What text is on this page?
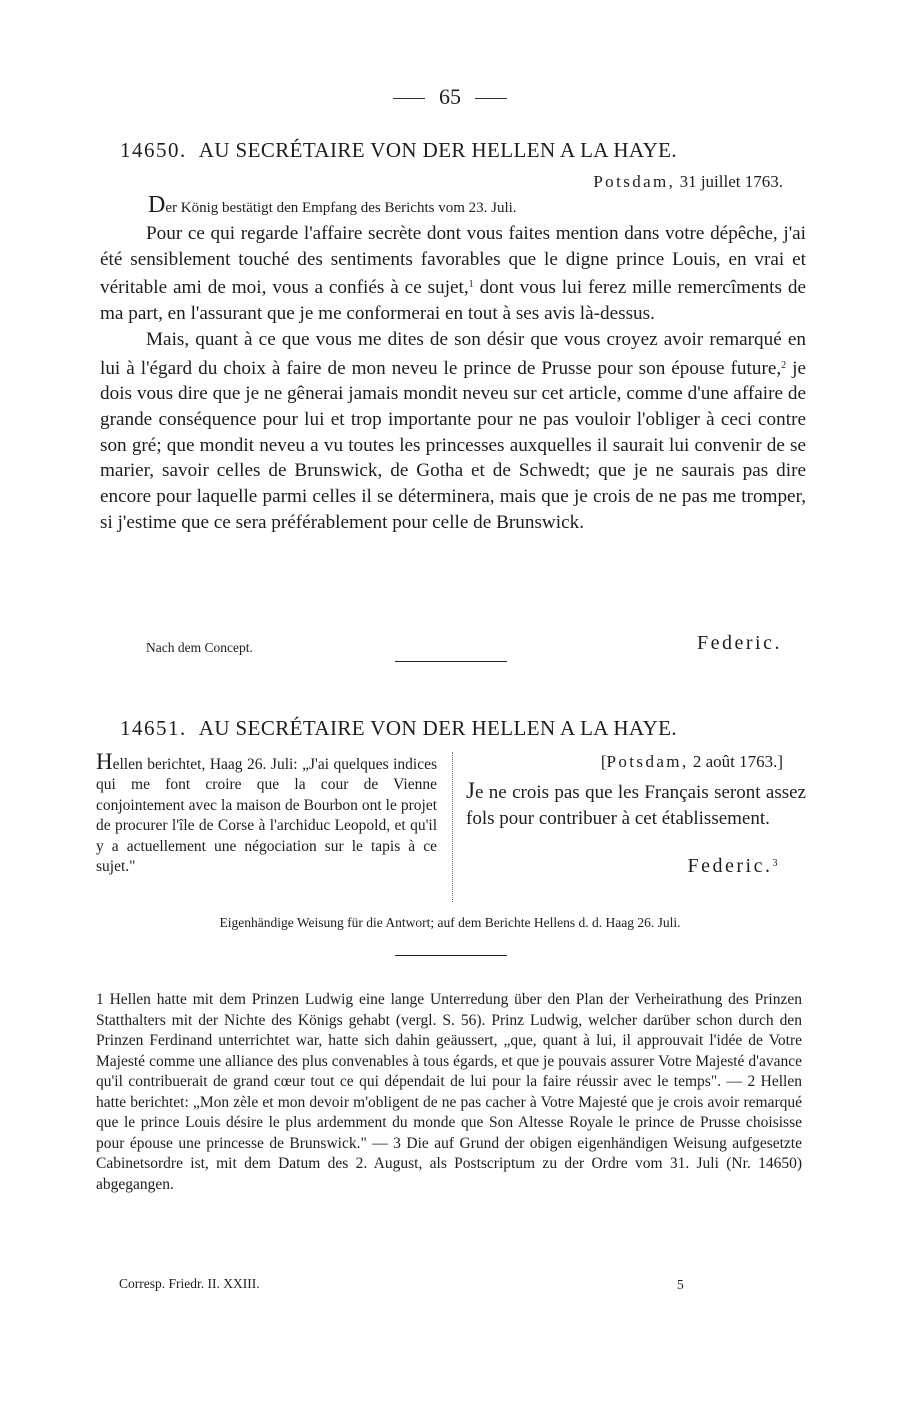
65
14650. AU SECRÉTAIRE VON DER HELLEN A LA HAYE.
Potsdam, 31 juillet 1763.
Der König bestätigt den Empfang des Berichts vom 23. Juli.

Pour ce qui regarde l'affaire secrète dont vous faites mention dans votre dépêche, j'ai été sensiblement touché des sentiments favorables que le digne prince Louis, en vrai et véritable ami de moi, vous a confiés à ce sujet,$^1$ dont vous lui ferez mille remercîments de ma part, en l'assurant que je me conformerai en tout à ses avis là-dessus.

Mais, quant à ce que vous me dites de son désir que vous croyez avoir remarqué en lui à l'égard du choix à faire de mon neveu le prince de Prusse pour son épouse future,$^2$ je dois vous dire que je ne gênerai jamais mondit neveu sur cet article, comme d'une affaire de grande conséquence pour lui et trop importante pour ne pas vouloir l'obliger à ceci contre son gré; que mondit neveu a vu toutes les princesses auxquelles il saurait lui convenir de se marier, savoir celles de Brunswick, de Gotha et de Schwedt; que je ne saurais pas dire encore pour laquelle parmi celles il se déterminera, mais que je crois de ne pas me tromper, si j'estime que ce sera préférablement pour celle de Brunswick.

Nach dem Concept.	Federic.
14651. AU SECRÉTAIRE VON DER HELLEN A LA HAYE.
Hellen berichtet, Haag 26. Juli: „J'ai quelques indices qui me font croire que la cour de Vienne conjointement avec la maison de Bourbon ont le projet de procurer l'île de Corse à l'archiduc Leopold, et qu'il y a actuellement une négociation sur le tapis à ce sujet."
[Potsdam, 2 août 1763.]
Je ne crois pas que les Français seront assez fols pour contribuer à cet établissement.
Federic.$^3$
Eigenhändige Weisung für die Antwort; auf dem Berichte Hellens d. d. Haag 26. Juli.
1 Hellen hatte mit dem Prinzen Ludwig eine lange Unterredung über den Plan der Verheirathung des Prinzen Statthalters mit der Nichte des Königs gehabt (vergl. S. 56). Prinz Ludwig, welcher darüber schon durch den Prinzen Ferdinand unterrichtet war, hatte sich dahin geäussert, „que, quant à lui, il approuvait l'idée de Votre Majesté comme une alliance des plus convenables à tous égards, et que je pouvais assurer Votre Majesté d'avance qu'il contribuerait de grand cœur tout ce qui dépendait de lui pour la faire réussir avec le temps". — 2 Hellen hatte berichtet: „Mon zèle et mon devoir m'obligent de ne pas cacher à Votre Majesté que je crois avoir remarqué que le prince Louis désire le plus ardemment du monde que Son Altesse Royale le prince de Prusse choisisse pour épouse une princesse de Brunswick." — 3 Die auf Grund der obigen eigenhändigen Weisung aufgesetzte Cabinetsordre ist, mit dem Datum des 2. August, als Postscriptum zu der Ordre vom 31. Juli (Nr. 14650) abgegangen.
Corresp. Friedr. II. XXIII.	5
